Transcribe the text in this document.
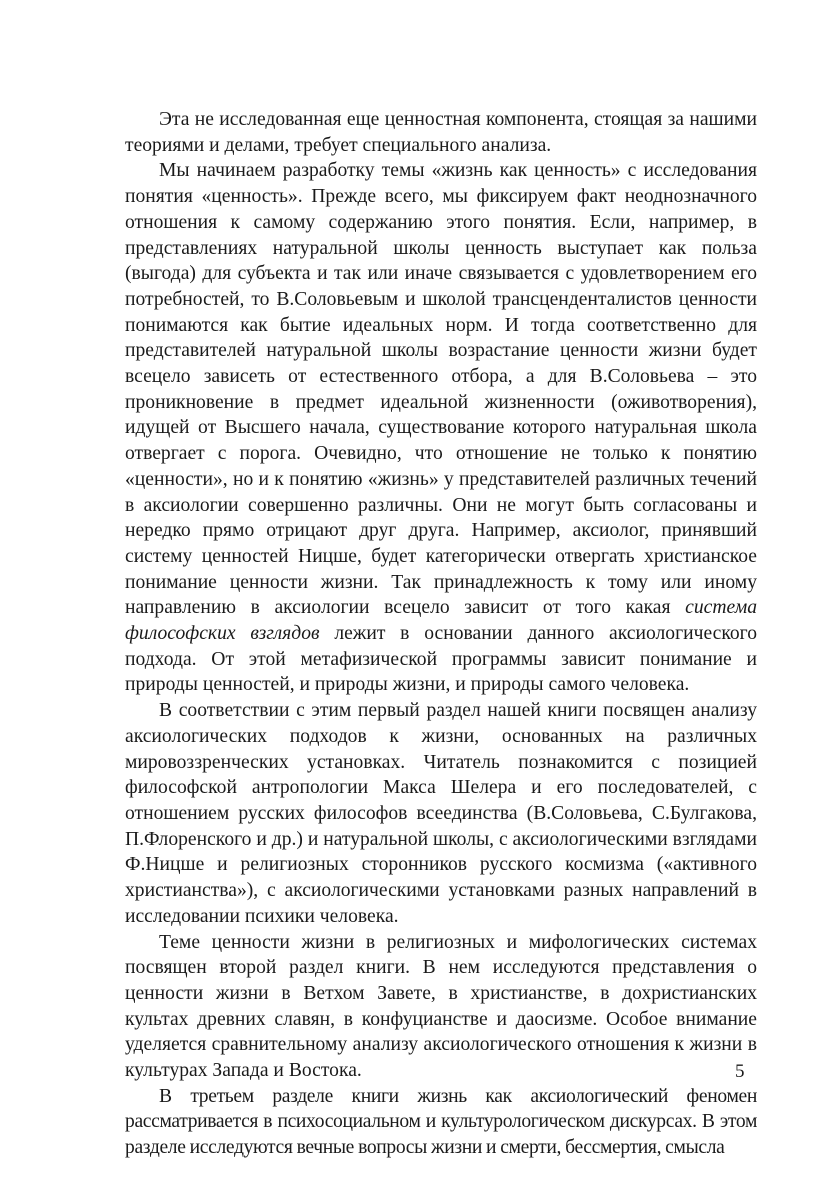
Эта не исследованная еще ценностная компонента, стоящая за нашими теориями и делами, требует специального анализа.

Мы начинаем разработку темы «жизнь как ценность» с исследования понятия «ценность». Прежде всего, мы фиксируем факт неоднозначного отношения к самому содержанию этого понятия. Если, например, в представлениях натуральной школы ценность выступает как польза (выгода) для субъекта и так или иначе связывается с удовлетворением его потребностей, то В.Соловьевым и школой трансценденталистов ценности понимаются как бытие идеальных норм. И тогда соответственно для представителей натуральной школы возрастание ценности жизни будет всецело зависеть от естественного отбора, а для В.Соловьева – это проникновение в предмет идеальной жизненности (оживотворения), идущей от Высшего начала, существование которого натуральная школа отвергает с порога. Очевидно, что отношение не только к понятию «ценности», но и к понятию «жизнь» у представителей различных течений в аксиологии совершенно различны. Они не могут быть согласованы и нередко прямо отрицают друг друга. Например, аксиолог, принявший систему ценностей Ницше, будет категорически отвергать христианское понимание ценности жизни. Так принадлежность к тому или иному направлению в аксиологии всецело зависит от того какая система философских взглядов лежит в основании данного аксиологического подхода. От этой метафизической программы зависит понимание и природы ценностей, и природы жизни, и природы самого человека.

В соответствии с этим первый раздел нашей книги посвящен анализу аксиологических подходов к жизни, основанных на различных мировоззренческих установках. Читатель познакомится с позицией философской антропологии Макса Шелера и его последователей, с отношением русских философов всеединства (В.Соловьева, С.Булгакова, П.Флоренского и др.) и натуральной школы, с аксиологическими взглядами Ф.Ницше и религиозных сторонников русского космизма («активного христианства»), с аксиологическими установками разных направлений в исследовании психики человека.

Теме ценности жизни в религиозных и мифологических системах посвящен второй раздел книги. В нем исследуются представления о ценности жизни в Ветхом Завете, в христианстве, в дохристианских культах древних славян, в конфуцианстве и даосизме. Особое внимание уделяется сравнительному анализу аксиологического отношения к жизни в культурах Запада и Востока.

В третьем разделе книги жизнь как аксиологический феномен рассматривается в психосоциальном и культурологическом дискурсах. В этом разделе исследуются вечные вопросы жизни и смерти, бессмертия, смысла

5
